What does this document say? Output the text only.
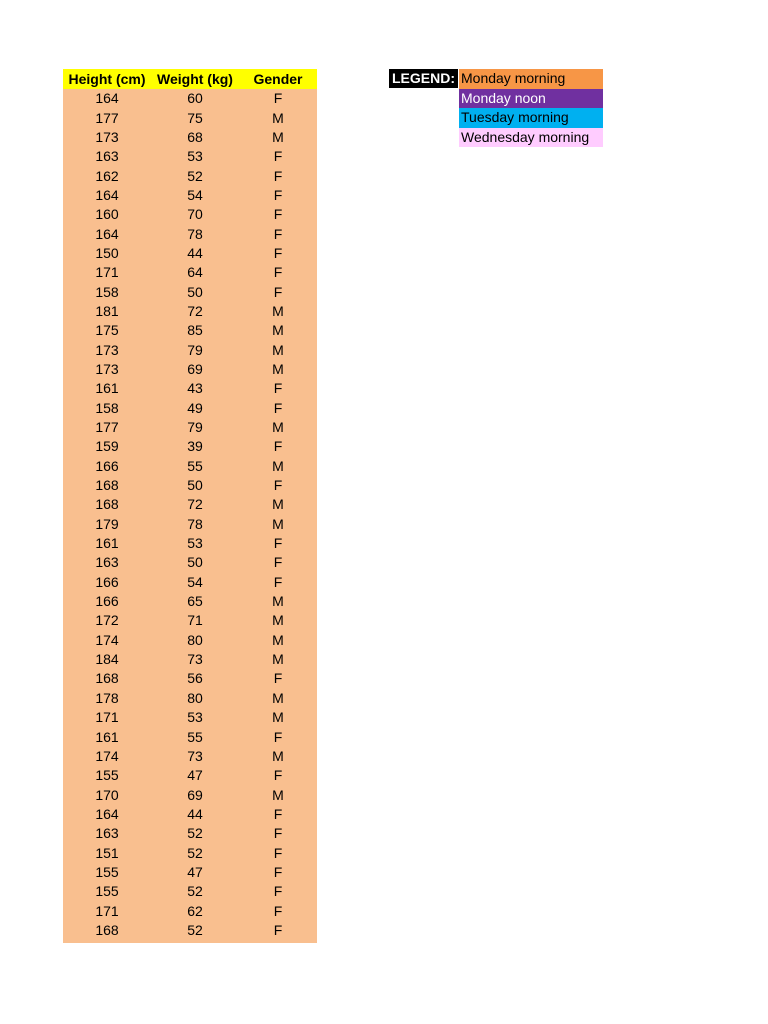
Height (cm)	Weight (kg)	Gender
164	60	F
177	75	M
173	68	M
163	53	F
162	52	F
164	54	F
160	70	F
164	78	F
150	44	F
171	64	F
158	50	F
181	72	M
175	85	M
173	79	M
173	69	M
161	43	F
158	49	F
177	79	M
159	39	F
166	55	M
168	50	F
168	72	M
179	78	M
161	53	F
163	50	F
166	54	F
166	65	M
172	71	M
174	80	M
184	73	M
168	56	F
178	80	M
171	53	M
161	55	F
174	73	M
155	47	F
170	69	M
164	44	F
163	52	F
151	52	F
155	47	F
155	52	F
171	62	F
168	52	F
LEGEND: Monday morning
Monday noon
Tuesday morning
Wednesday morning
